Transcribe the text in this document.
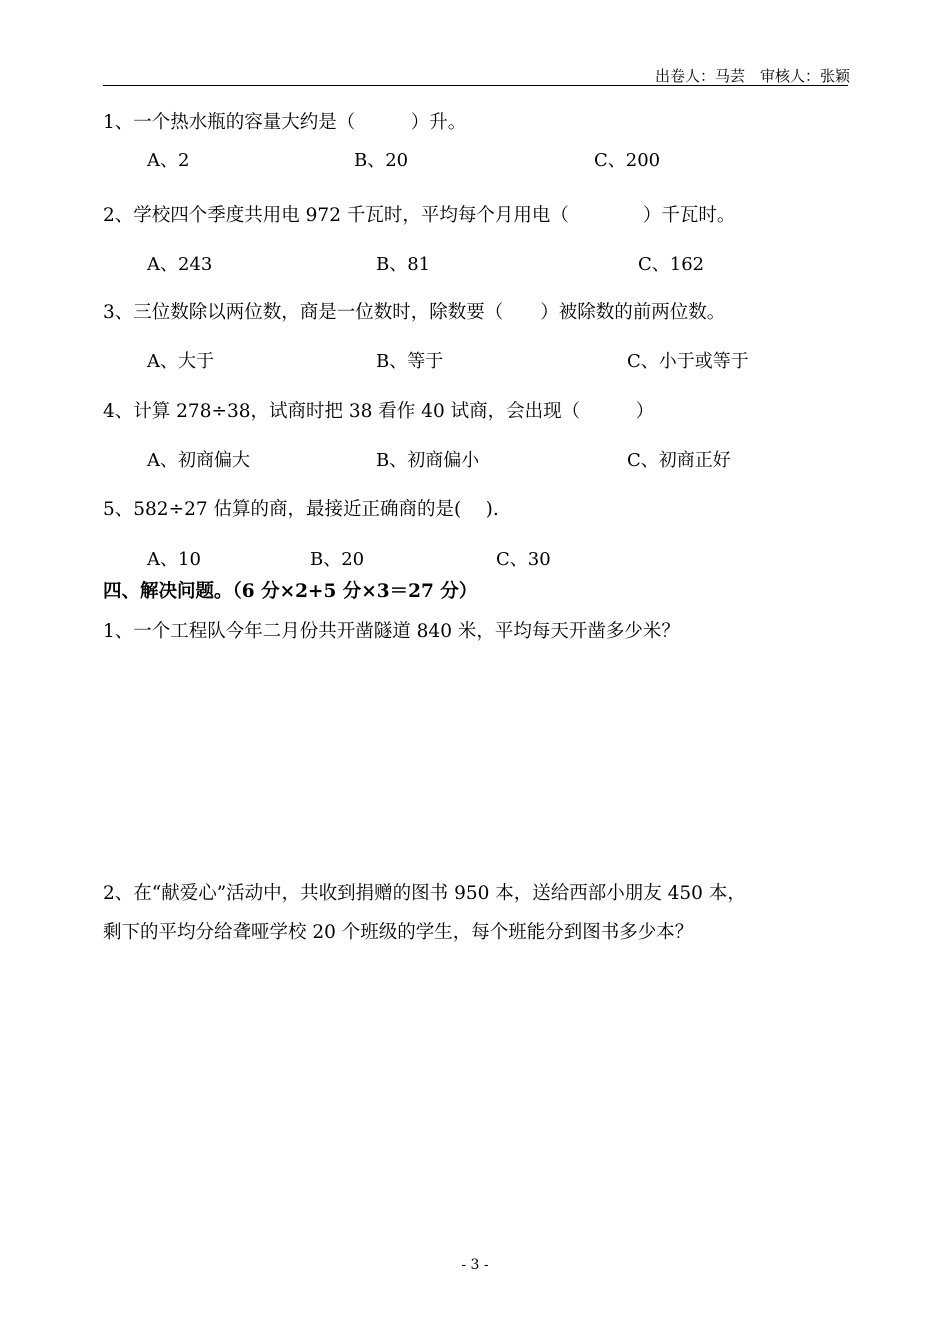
出卷人：马芸　审核人：张颖
1、一个热水瓶的容量大约是（　　　）升。
A、2	B、20	C、200
2、学校四个季度共用电 972 千瓦时，平均每个月用电（　　　　）千瓦时。
A、243	B、81	C、162
3、三位数除以两位数，商是一位数时，除数要（　　）被除数的前两位数。
A、大于	B、等于	C、小于或等于
4、计算 278÷38，试商时把 38 看作 40 试商，会出现（　　　）
A、初商偏大	B、初商偏小	C、初商正好
5、582÷27 估算的商，最接近正确商的是(　 ).
A、10	B、20	C、30
四、解决问题。（6 分×2+5 分×3＝27 分）
1、一个工程队今年二月份共开凿隧道 840 米，平均每天开凿多少米？
2、在“献爱心”活动中，共收到捐赠的图书 950 本，送给西部小朋友 450 本，
剩下的平均分给聋哑学校 20 个班级的学生，每个班能分到图书多少本？
- 3 -
